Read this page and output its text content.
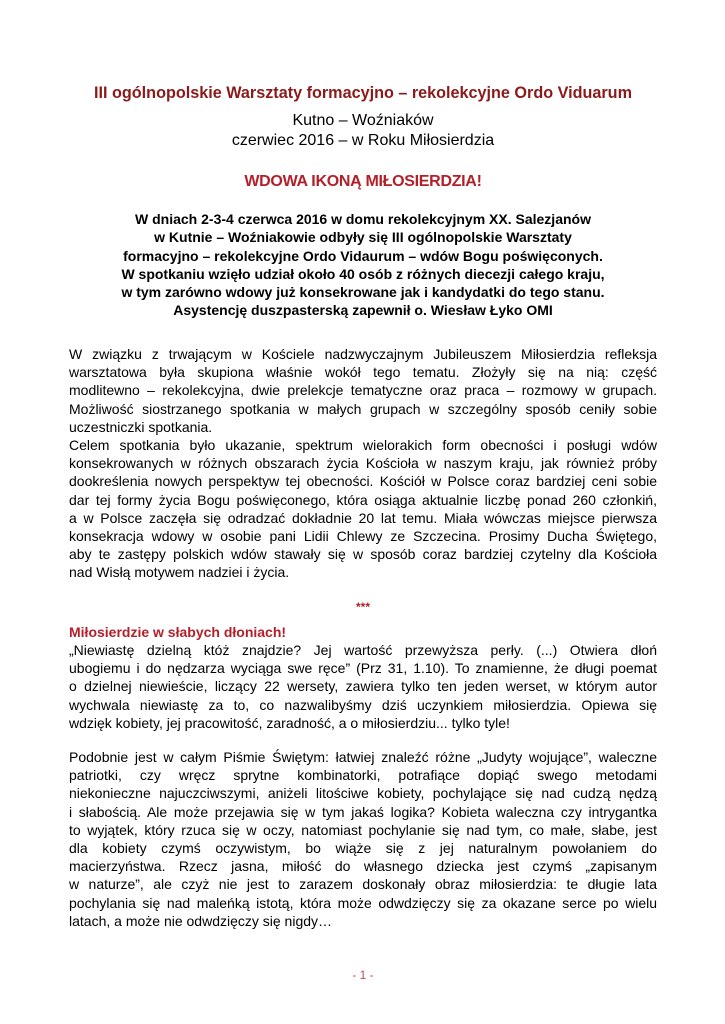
III ogólnopolskie Warsztaty formacyjno – rekolekcyjne Ordo Viduarum
Kutno – Woźniaków
czerwiec 2016 – w Roku Miłosierdzia
WDOWA IKONĄ MIŁOSIERDZIA!
W dniach 2-3-4 czerwca 2016 w domu rekolekcyjnym XX. Salezjanów
w Kutnie – Woźniakowie odbyły się III ogólnopolskie Warsztaty
formacyjno – rekolekcyjne Ordo Vidaurum – wdów Bogu poświęconych.
W spotkaniu wzięło udział około 40 osób z różnych diecezji całego kraju,
w tym zarówno wdowy już konsekrowane jak i kandydatki do tego stanu.
Asystencję duszpasterską zapewnił o. Wiesław Łyko OMI
W związku z trwającym w Kościele nadzwyczajnym Jubileuszem Miłosierdzia refleksja
warsztatowa była skupiona właśnie wokół tego tematu. Złożyły się na nią: część
modlitewno – rekolekcyjna, dwie prelekcje tematyczne oraz praca – rozmowy w grupach.
Możliwość siostrzanego spotkania w małych grupach w szczególny sposób ceniły sobie
uczestniczki spotkania.
Celem spotkania było ukazanie, spektrum wielorakich form obecności i posługi wdów
konsekrowanych w różnych obszarach życia Kościoła w naszym kraju, jak również próby
dookreślenia nowych perspektyw tej obecności. Kościół w Polsce coraz bardziej ceni sobie
dar tej formy życia Bogu poświęconego, która osiąga aktualnie liczbę ponad 260 członkiń,
a w Polsce zaczęła się odradzać dokładnie 20 lat temu. Miała wówczas miejsce pierwsza
konsekracja wdowy w osobie pani Lidii Chlewy ze Szczecina. Prosimy Ducha Świętego,
aby te zastępy polskich wdów stawały się w sposób coraz bardziej czytelny dla Kościoła
nad Wisłą motywem nadziei i życia.
***
Miłosierdzie w słabych dłoniach!
„Niewiastę dzielną któż znajdzie? Jej wartość przewyższa perły. (...) Otwiera dłoń
ubogiemu i do nędzarza wyciąga swe ręce” (Prz 31, 1.10). To znamienne, że długi poemat
o dzielnej niewieście, liczący 22 wersety, zawiera tylko ten jeden werset, w którym autor
wychwala niewiastę za to, co nazwalibyśmy dziś uczynkiem miłosierdzia. Opiewa się
wdzięk kobiety, jej pracowitość, zaradność, a o miłosierdziu... tylko tyle!
Podobnie jest w całym Piśmie Świętym: łatwiej znaleźć różne „Judyty wojujące”, waleczne
patriotki, czy wręcz sprytne kombinatorki, potrafiące dopiąć swego metodami
niekonieczne najuczciwszymi, aniżeli litościwe kobiety, pochylające się nad cudzą nędzą
i słabością. Ale może przejawia się w tym jakaś logika? Kobieta waleczna czy intrygantka
to wyjątek, który rzuca się w oczy, natomiast pochylanie się nad tym, co małe, słabe, jest
dla kobiety czymś oczywistym, bo wiąże się z jej naturalnym powołaniem do
macierzyństwa. Rzecz jasna, miłość do własnego dziecka jest czymś „zapisanym
w naturze”, ale czyż nie jest to zarazem doskonały obraz miłosierdzia: te długie lata
pochylania się nad maleńką istotą, która może odwdzięczy się za okazane serce po wielu
latach, a może nie odwdzięczy się nigdy…
- 1 -
